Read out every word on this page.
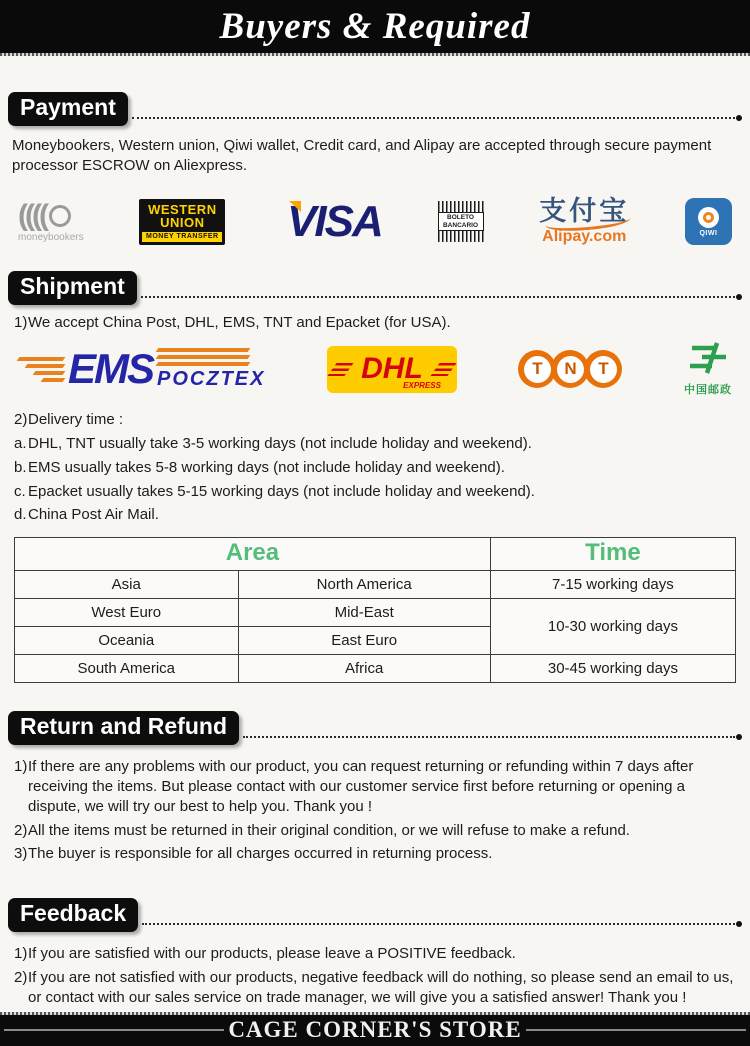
Buyers & Required
Payment

Moneybookers, Western union, Qiwi wallet, Credit card, and Alipay are accepted through secure payment processor ESCROW on Aliexpress.

((((
moneybookers
WESTERN
UNION
MONEY TRANSFER VISA	BOLETO
BANCARIO 支付宝
Alipay.com	QIWI
Shipment
1) We accept China Post, DHL, EMS, TNT and Epacket (for USA).
EMS POCZTEX	DHL
EXPRESS
T	N	T
中国邮政
2) Delivery time :
a. DHL, TNT usually take 3-5 working days (not include holiday and weekend).
b. EMS usually takes 5-8 working days (not include holiday and weekend).
c. Epacket usually takes 5-15 working days (not include holiday and weekend).
d. China Post Air Mail.
Area		Time
Asia	North America	7-15 working days
West Euro	Mid-East	10-30 working days
Oceania	East Euro	
South America	Africa	30-45 working days
Return and Refund
1) If there are any problems with our product, you can request returning or refunding within 7 days after receiving the items. But please contact with our customer service first before returning or opening a dispute, we will try our best to help you. Thank you !
2) All the items must be returned in their original condition, or we will refuse to make a refund.
3) The buyer is responsible for all charges occurred in returning process.
Feedback
1) If you are satisfied with our products, please leave a POSITIVE feedback.
2) If you are not satisfied with our products, negative feedback will do nothing, so please send an email to us, or contact with our sales service on trade manager, we will give you a satisfied answer! Thank you !
CAGE CORNER'S STORE
